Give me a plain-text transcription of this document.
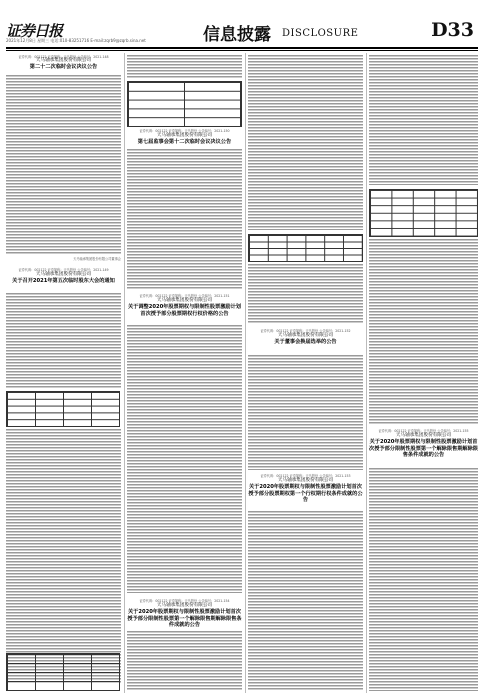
证券日报
2021年12月8日 星期三 电话:010-83251716 E-mail:zqrb9@zqrb.sina.net	信息披露 DISCLOSURE	D33
证券代码：002122 证券简称：天马股份 公告编号：2021-148
天马轴承集团股份有限公司
第二十二次临时会议决议公告
天马轴承集团股份有限公司董事会
证券代码：002122 证券简称：天马股份 公告编号：2021-149
天马轴承集团股份有限公司
关于召开2021年第五次临时股东大会的通知
证券代码：002122 证券简称：天马股份 公告编号：2021-150
天马轴承集团股份有限公司
第七届监事会第十二次临时会议决议公告
证券代码：002122 证券简称：天马股份 公告编号：2021-151
天马轴承集团股份有限公司
关于调整2020年股票期权与限制性股票激励计划首次授予部分股票期权行权价格的公告
证券代码：002122 证券简称：天马股份 公告编号：2021-154
天马轴承集团股份有限公司
关于2020年股票期权与限制性股票激励计划首次授予部分限制性股票第一个解除限售期解除限售条件成就的公告
证券代码：002122 证券简称：天马股份 公告编号：2021-152
天马轴承集团股份有限公司
关于董事会换届选举的公告
证券代码：002122 证券简称：天马股份 公告编号：2021-153
天马轴承集团股份有限公司
关于2020年股票期权与限制性股票激励计划首次授予部分股票期权第一个行权期行权条件成就的公告
证券代码：002122 证券简称：天马股份 公告编号：2021-155
天马轴承集团股份有限公司
关于2020年股票期权与限制性股票激励计划首次授予部分限制性股票第一个解除限售期解除限售条件成就的公告
